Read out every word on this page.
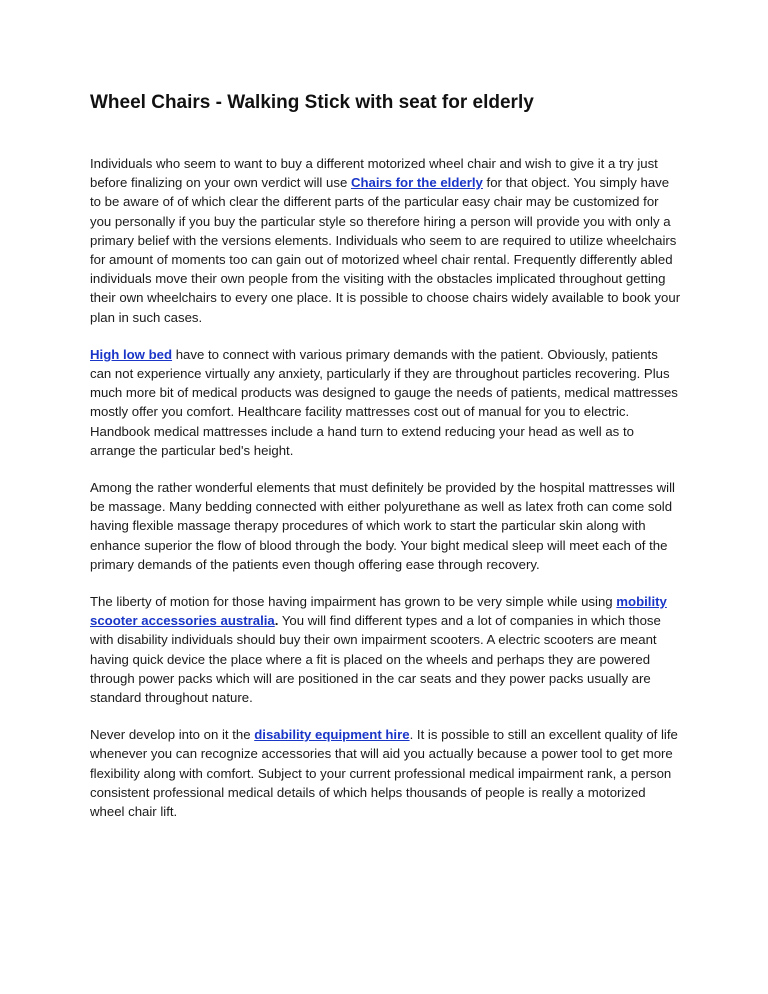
Wheel Chairs - Walking Stick with seat for elderly

Individuals who seem to want to buy a different motorized wheel chair and wish to give it a try just before finalizing on your own verdict will use Chairs for the elderly for that object. You simply have to be aware of of which clear the different parts of the particular easy chair may be customized for you personally if you buy the particular style so therefore hiring a person will provide you with only a primary belief with the versions elements. Individuals who seem to are required to utilize wheelchairs for amount of moments too can gain out of motorized wheel chair rental. Frequently differently abled individuals move their own people from the visiting with the obstacles implicated throughout getting their own wheelchairs to every one place. It is possible to choose chairs widely available to book your plan in such cases.

High low bed have to connect with various primary demands with the patient. Obviously, patients can not experience virtually any anxiety, particularly if they are throughout particles recovering. Plus much more bit of medical products was designed to gauge the needs of patients, medical mattresses mostly offer you comfort. Healthcare facility mattresses cost out of manual for you to electric. Handbook medical mattresses include a hand turn to extend reducing your head as well as to arrange the particular bed's height.

Among the rather wonderful elements that must definitely be provided by the hospital mattresses will be massage. Many bedding connected with either polyurethane as well as latex froth can come sold having flexible massage therapy procedures of which work to start the particular skin along with enhance superior the flow of blood through the body. Your bight medical sleep will meet each of the primary demands of the patients even though offering ease through recovery.

The liberty of motion for those having impairment has grown to be very simple while using mobility scooter accessories australia. You will find different types and a lot of companies in which those with disability individuals should buy their own impairment scooters. A electric scooters are meant having quick device the place where a fit is placed on the wheels and perhaps they are powered through power packs which will are positioned in the car seats and they power packs usually are standard throughout nature.

Never develop into on it the disability equipment hire. It is possible to still an excellent quality of life whenever you can recognize accessories that will aid you actually because a power tool to get more flexibility along with comfort. Subject to your current professional medical impairment rank, a person consistent professional medical details of which helps thousands of people is really a motorized wheel chair lift.
